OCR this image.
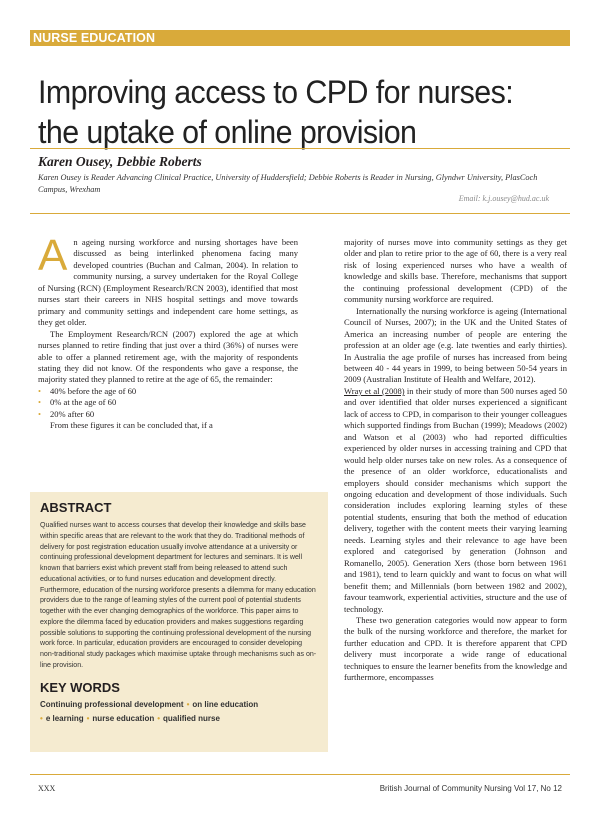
NURSE EDUCATION
Improving access to CPD for nurses:
the uptake of online provision
Karen Ousey, Debbie Roberts
Karen Ousey is Reader Advancing Clinical Practice, University of Huddersfield; Debbie Roberts is Reader in Nursing, Glyndwr University, PlasCoch Campus, Wrexham
Email: k.j.ousey@hud.ac.uk
A n ageing nursing workforce and nursing shortages have been discussed as being interlinked phenomena facing many developed countries (Buchan and Calman, 2004). In relation to community nursing, a survey undertaken for the Royal College of Nursing (RCN) (Employment Research/RCN 2003), identified that most nurses start their careers in NHS hospital settings and move towards primary and community settings and independent care home settings, as they get older.

The Employment Research/RCN (2007) explored the age at which nurses planned to retire finding that just over a third (36%) of nurses were able to offer a planned retirement age, with the majority of respondents stating they did not know. Of the respondents who gave a response, the majority stated they planned to retire at the age of 65, the remainder:

•	40% before the age of 60
•	0% at the age of 60
•	20% after 60

From these figures it can be concluded that, if a

majority of nurses move into community settings as they get older and plan to retire prior to the age of 60, there is a very real risk of losing experienced nurses who have a wealth of knowledge and skills base. Therefore, mechanisms that support the continuing professional development (CPD) of the community nursing workforce are required.

Internationally the nursing workforce is ageing (International Council of Nurses, 2007); in the UK and the United States of America an increasing number of people are entering the profession at an older age (e.g. late twenties and early thirties). In Australia the age profile of nurses has increased from being between 40 - 44 years in 1999, to being between 50-54 years in 2009 (Australian Institute of Health and Welfare, 2012).

Wray et al (2008) in their study of more than 500 nurses aged 50 and over identified that older nurses experienced a significant lack of access to CPD, in comparison to their younger colleagues which supported findings from Buchan (1999); Meadows (2002) and Watson et al (2003) who had reported difficulties experienced by older nurses in accessing training and CPD that would help older nurses take on new roles. As a consequence of the presence of an older workforce, educationalists and employers should consider mechanisms which support the ongoing education and development of those individuals. Such consideration includes exploring learning styles of these potential students, ensuring that both the method of education delivery, together with the content meets their varying learning needs. Learning styles and their relevance to age have been explored and categorised by generation (Johnson and Romanello, 2005). Generation Xers (those born between 1961 and 1981), tend to learn quickly and want to focus on what will benefit them; and Millennials (born between 1982 and 2002), favour teamwork, experiential activities, structure and the use of technology.

These two generation categories would now appear to form the bulk of the nursing workforce and therefore, the market for further education and CPD. It is therefore apparent that CPD delivery must incorporate a wide range of educational techniques to ensure the learner benefits from the knowledge and furthermore, encompasses

ABSTRACT
Qualified nurses want to access courses that develop their knowledge and skills base within specific areas that are relevant to the work that they do. Traditional methods of delivery for post registration education usually involve attendance at a university or continuing professional development department for lectures and seminars. It is well known that barriers exist which prevent staff from being released to attend such educational activities, or to fund nurses education and development directly. Furthermore, education of the nursing workforce presents a dilemma for many education providers due to the range of learning styles of the current pool of potential students together with the ever changing demographics of the workforce. This paper aims to explore the dilemma faced by education providers and makes suggestions regarding possible solutions to supporting the continuing professional development of the nursing work force. In particular, education providers are encouraged to consider developing non-traditional study packages which maximise uptake through mechanisms such as on-line provision.
KEY WORDS
Continuing professional development • on line education
• e learning • nurse education • qualified nurse
XXX	British Journal of Community Nursing Vol 17, No 12
